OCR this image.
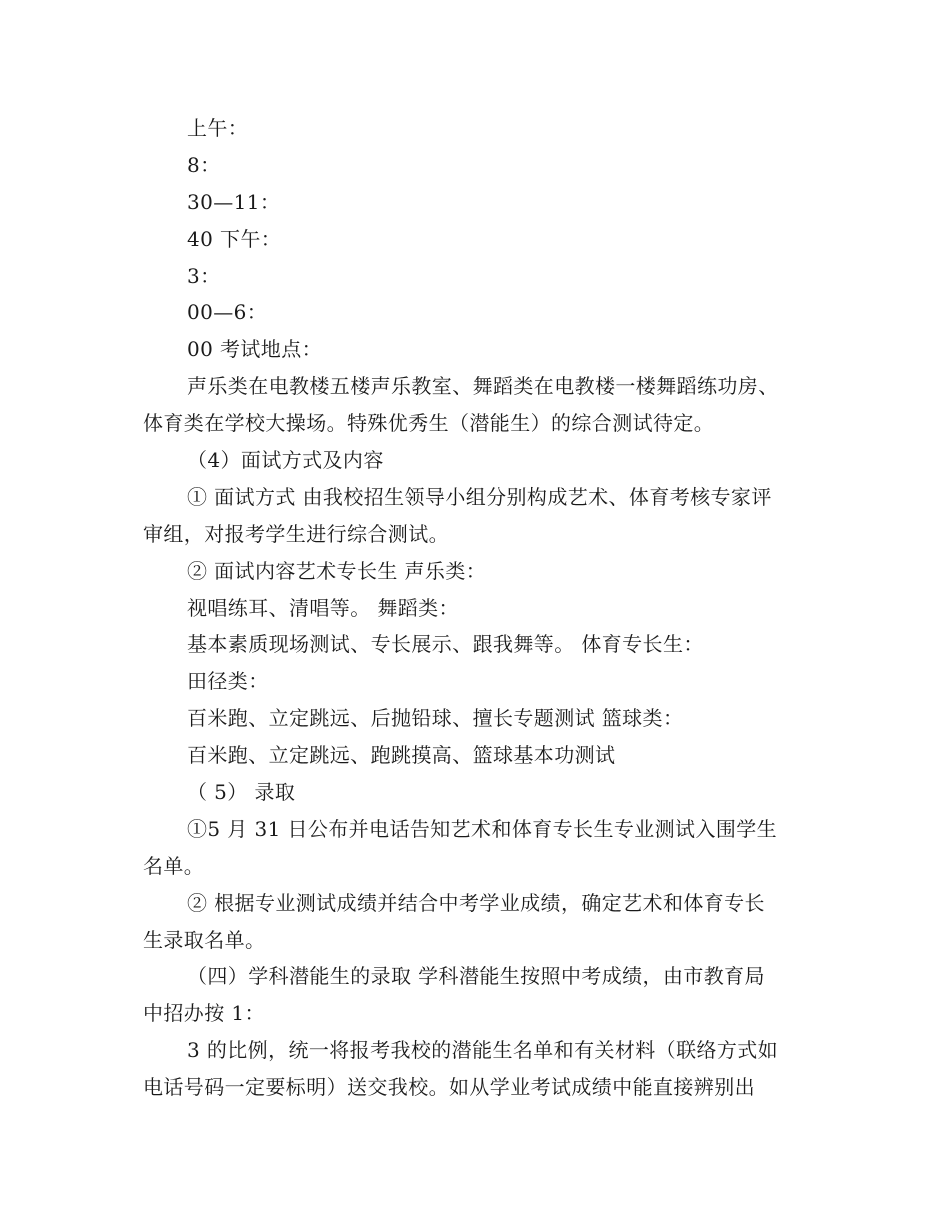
上午：
8：
30—11：
40 下午：
3：
00—6：
00 考试地点：
声乐类在电教楼五楼声乐教室、舞蹈类在电教楼一楼舞蹈练功房、
体育类在学校大操场。特殊优秀生（潜能生）的综合测试待定。
（4）面试方式及内容
① 面试方式 由我校招生领导小组分别构成艺术、体育考核专家评
审组，对报考学生进行综合测试。
② 面试内容艺术专长生 声乐类：
视唱练耳、清唱等。 舞蹈类：
基本素质现场测试、专长展示、跟我舞等。 体育专长生：
田径类：
百米跑、立定跳远、后抛铅球、擅长专题测试 篮球类：
百米跑、立定跳远、跑跳摸高、篮球基本功测试
（ 5） 录取
①5 月 31 日公布并电话告知艺术和体育专长生专业测试入围学生
名单。
② 根据专业测试成绩并结合中考学业成绩，确定艺术和体育专长
生录取名单。
（四）学科潜能生的录取 学科潜能生按照中考成绩，由市教育局
中招办按 1：
3 的比例，统一将报考我校的潜能生名单和有关材料（联络方式如
电话号码一定要标明）送交我校。如从学业考试成绩中能直接辨别出
